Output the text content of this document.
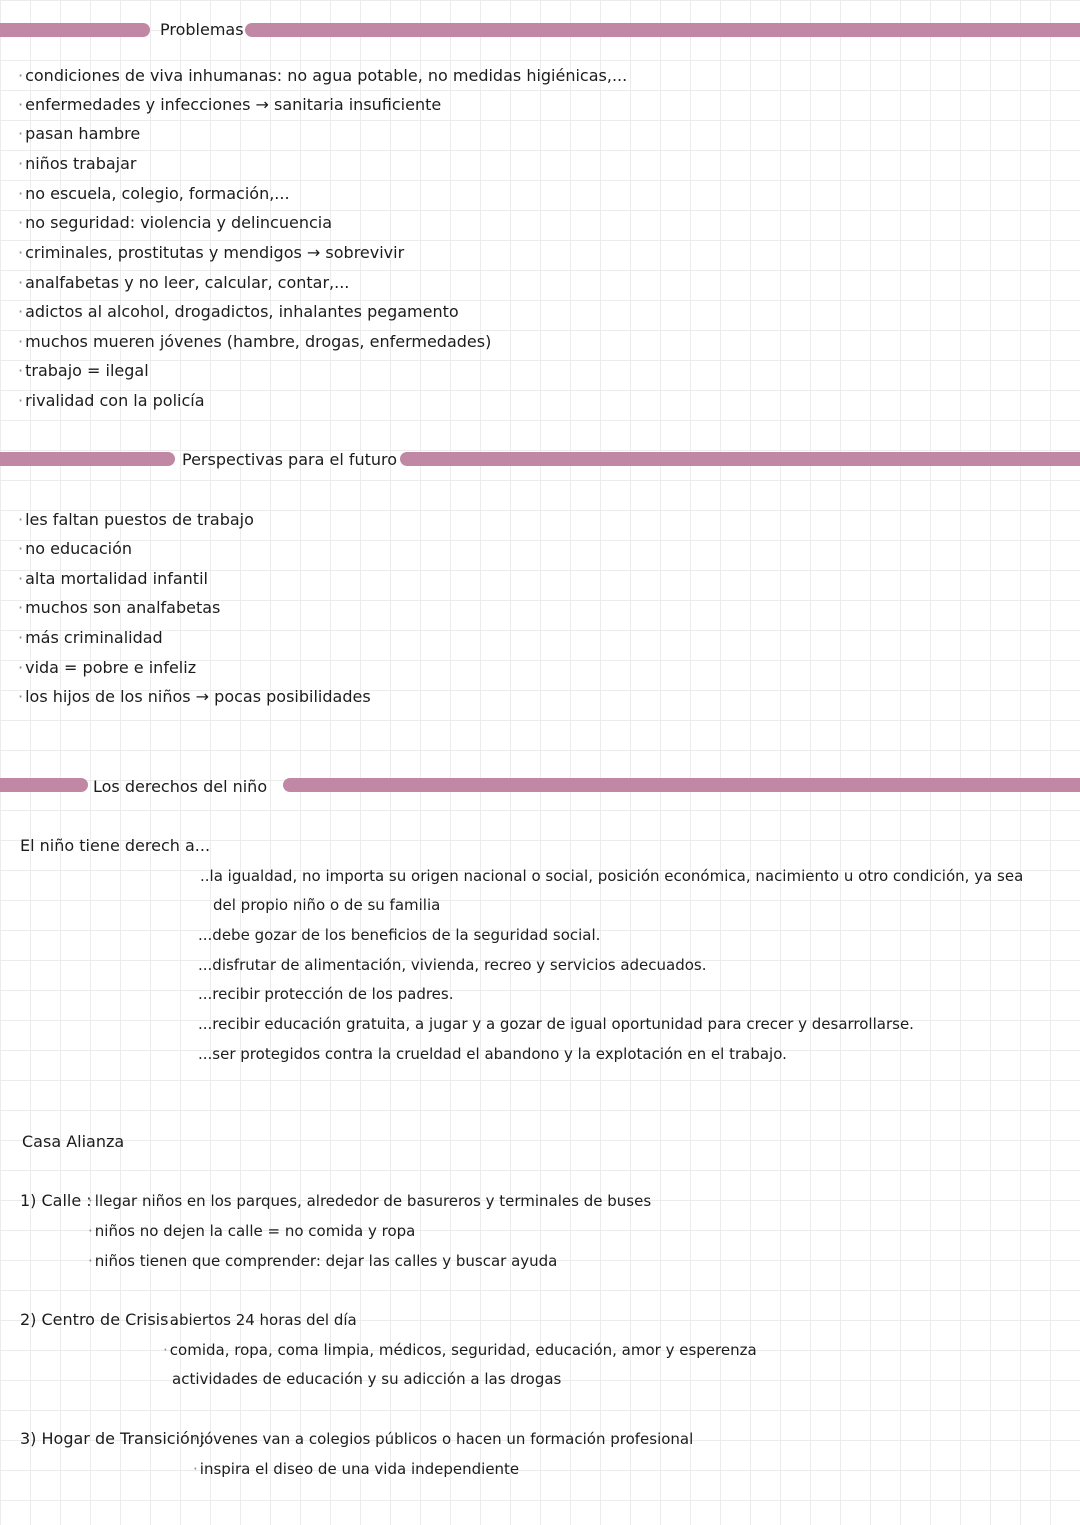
Problemas
· condiciones de viva inhumanas: no agua potable, no medidas higiénicas,...
· enfermedades y infecciones → sanitaria insuficiente
· pasan hambre
· niños trabajar
· no escuela, colegio, formación,...
· no seguridad: violencia y delincuencia
· criminales, prostitutas y mendigos → sobrevivir
· analfabetas y no leer, calcular, contar,...
· adictos al alcohol, drogadictos, inhalantes pegamento
· muchos mueren jóvenes (hambre, drogas, enfermedades)
· trabajo = ilegal
· rivalidad con la policía
Perspectivas para el futuro
· les faltan puestos de trabajo
· no educación
· alta mortalidad infantil
· muchos son analfabetas
· más criminalidad
· vida = pobre e infeliz
· los hijos de los niños → pocas posibilidades
Los derechos del niño
El niño tiene derech a...
..la igualdad, no importa su origen nacional o social, posición económica, nacimiento u otro condición, ya sea
del propio niño o de su familia
...debe gozar de los beneficios de la seguridad social.
...disfrutar de alimentación, vivienda, recreo y servicios adecuados.
...recibir protección de los padres.
...recibir educación gratuita, a jugar y a gozar de igual oportunidad para crecer y desarrollarse.
...ser protegidos contra la crueldad el abandono y la explotación en el trabajo.
Casa Alianza
1) Calle :
· llegar niños en los parques, alrededor de basureros y terminales de buses
· niños no dejen la calle = no comida y ropa
· niños tienen que comprender: dejar las calles y buscar ayuda
2) Centro de Crisis .
· abiertos 24 horas del día
· comida, ropa, coma limpia, médicos, seguridad, educación, amor y esperenza
actividades de educación y su adicción a las drogas
3) Hogar de Transición:
· jóvenes van a colegios públicos o hacen un formación profesional
· inspira el diseo de una vida independiente
